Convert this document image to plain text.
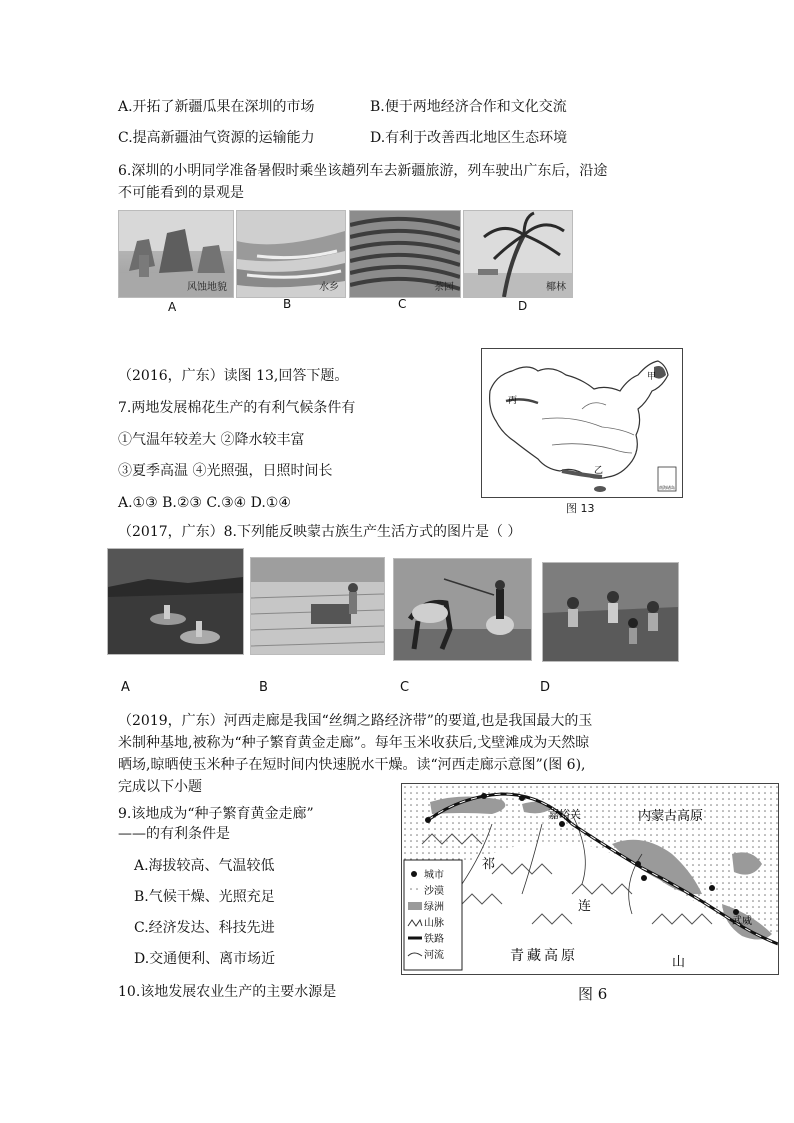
A.开拓了新疆瓜果在深圳的市场	B.便于两地经济合作和文化交流
C.提高新疆油气资源的运输能力	D.有利于改善西北地区生态环境
6.深圳的小明同学准备暑假时乘坐该趟列车去新疆旅游，列车驶出广东后，沿途
不可能看到的景观是
风蚀地貌	水乡	茶园	椰林
A	B	C	D
（2016，广东）读图 13,回答下题。
7.两地发展棉花生产的有利气候条件有
①气温年较差大 ②降水较丰富
③夏季高温 ④光照强，日照时间长
A.①③ B.②③ C.③④ D.①④
甲
丙
乙
南海诸岛
图 13
（2017，广东）8.下列能反映蒙古族生产生活方式的图片是（ ）
A	B	C	D
（2019，广东）河西走廊是我国“丝绸之路经济带”的要道,也是我国最大的玉
米制种基地,被称为“种子繁育黄金走廊”。每年玉米收获后,戈壁滩成为天然晾
晒场,晾晒使玉米种子在短时间内快速脱水干燥。读“河西走廊示意图”(图 6),
完成以下小题
9.该地成为“种子繁育黄金走廊”
——的有利条件是
A.海拔较高、气温较低
B.气候干燥、光照充足
C.经济发达、科技先进
D.交通便利、离市场近
10.该地发展农业生产的主要水源是
嘉峪关	内蒙古高原
祁
连
山
武威
青藏高原
城市
沙漠
绿洲
山脉
铁路
河流
图 6
